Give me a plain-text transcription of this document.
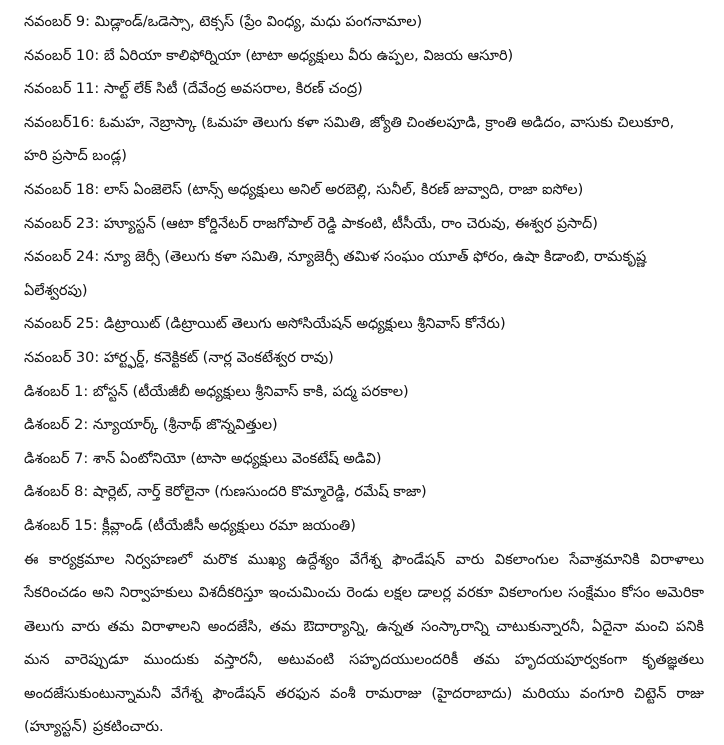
నవంబర్ 9: మిడ్లాండ్/ఒడెస్సా, టెక్సస్ (ప్రేం వింధ్య, మధు పంగనామాల)
నవంబర్ 10: బే ఏరియా కాలిఫోర్నియా (టాటా అధ్యక్షులు వీరు ఉప్పల, విజయ ఆసూరి)
నవంబర్ 11: సాల్ట్ లేక్ సిటీ (దేవేంద్ర అవసరాల, కిరణ్ చంద్ర)
నవంబర్16: ఓమహ, నెబ్రాస్కా (ఓమహ తెలుగు కళా సమితి, జ్యోతి చింతలపూడి, క్రాంతి అడిదం, వాసుకు చిలుకూరి,
హరి ప్రసాద్ బండ్ల)
నవంబర్ 18: లాస్ ఏంజెలెస్ (టాన్స్ అధ్యక్షులు అనిల్ అరబెల్లి, సునీల్, కిరణ్ జువ్వాది, రాజా ఐసోల)
నవంబర్ 23: హ్యూస్టన్ (ఆటా కోర్డినేటర్ రాజగోపాల్ రెడ్డి పాకంటి, టీసీయే, రాం చెరువు, ఈశ్వర ప్రసాద్)
నవంబర్ 24: న్యూ జెర్సీ (తెలుగు కళా సమితి, న్యూజెర్సీ తమిళ సంఘం యూత్ ఫోరం, ఉషా కిడాంబి, రామకృష్ణ
ఏలేశ్వరపు)
నవంబర్ 25: డిట్రాయిట్ (డిట్రాయిట్ తెలుగు అసోసియేషన్ అధ్యక్షులు శ్రీనివాస్ కోనేరు)
నవంబర్ 30: హార్ట్ఫర్డ్, కనెక్టికట్ (నార్ల వెంకటేశ్వర రావు)
డిశంబర్ 1: బోస్టన్ (టీయేజీబీ అధ్యక్షులు శ్రీనివాస్ కాకి, పద్మ పరకాల)
డిశంబర్ 2: న్యూయార్క్ (శ్రీనాథ్ జొన్నవిత్తుల)
డిశంబర్ 7: శాన్ ఏంటోనియో (టాసా అధ్యక్షులు వెంకటేష్ అడివి)
డిశంబర్ 8: షార్లెట్, నార్త్ కెరోలైనా (గుణసుందరి కొమ్మారెడ్డి, రమేష్ కాజా)
డిశంబర్ 15: క్లీవ్లాండ్ (టీయేజీసీ అధ్యక్షులు రమా జయంతి)

ఈ కార్యక్రమాల నిర్వహణలో మరొక ముఖ్య ఉద్దేశ్యం వేగేశ్న ఫౌండేషన్ వారు వికలాంగుల సేవాశ్రమానికి విరాళాలు సేకరించడం అని నిర్వాహకులు విశదీకరిస్తూ ఇంచుమించు రెండు లక్షల డాలర్ల వరకూ వికలాంగుల సంక్షేమం కోసం అమెరికా తెలుగు వారు తమ విరాళాలని అందజేసి, తమ ఔదార్యాన్ని, ఉన్నత సంస్కారాన్ని చాటుకున్నారనీ, ఏదైనా మంచి పనికి మన వారెప్పుడూ ముందుకు వస్తారనీ, అటువంటి సహృదయులందరికీ తమ హృదయపూర్వకంగా కృతజ్ఞతలు అందజేసుకుంటున్నామనీ వేగేశ్న ఫౌండేషన్ తరఫున వంశీ రామరాజు (హైదరాబాదు) మరియు వంగూరి చిట్టెన్ రాజు (హ్యూస్టన్) ప్రకటించారు.
